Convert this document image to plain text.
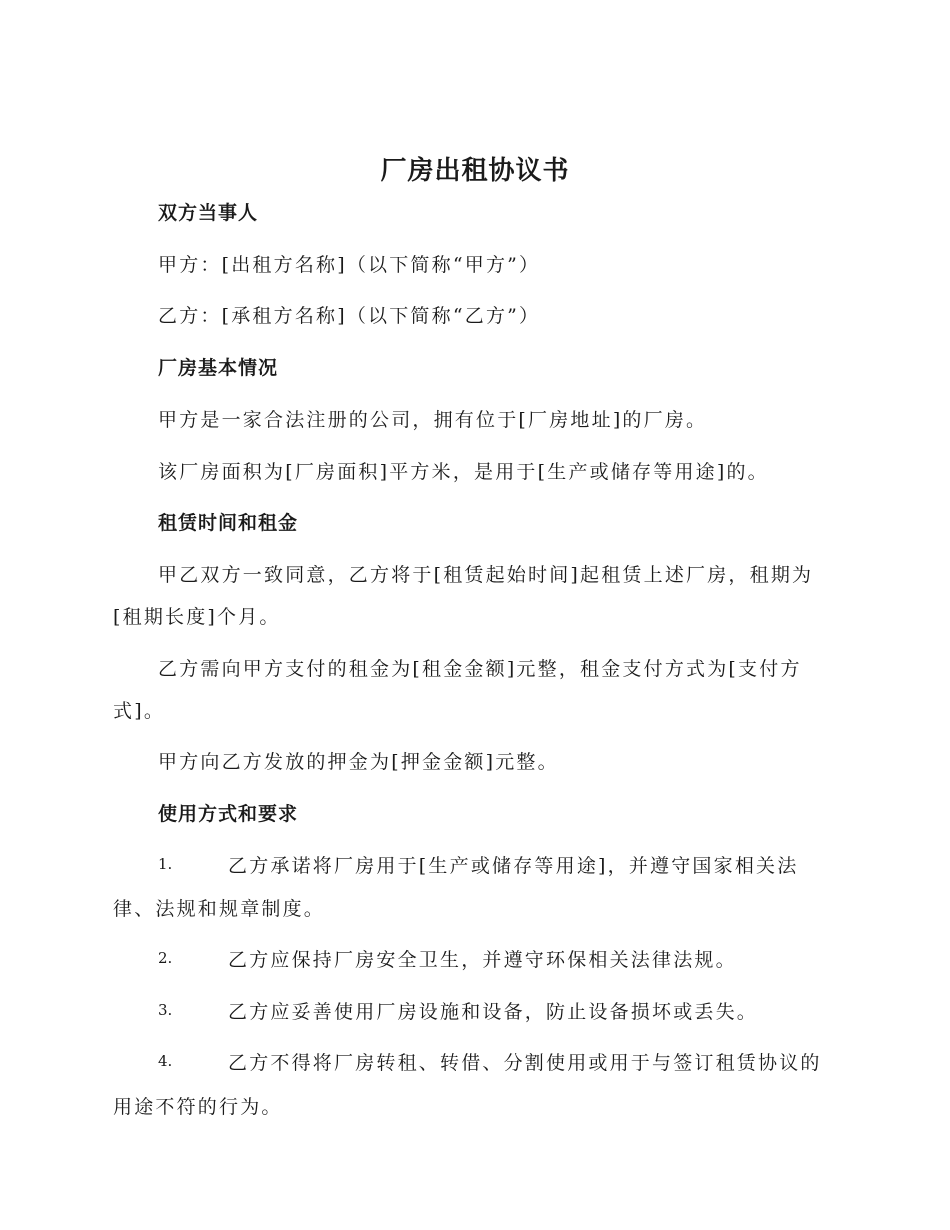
厂房出租协议书
双方当事人
甲方：[出租方名称]（以下简称“甲方”）
乙方：[承租方名称]（以下简称“乙方”）
厂房基本情况
甲方是一家合法注册的公司，拥有位于[厂房地址]的厂房。
该厂房面积为[厂房面积]平方米，是用于[生产或储存等用途]的。
租赁时间和租金
甲乙双方一致同意，乙方将于[租赁起始时间]起租赁上述厂房，租期为
[租期长度]个月。
乙方需向甲方支付的租金为[租金金额]元整，租金支付方式为[支付方
式]。
甲方向乙方发放的押金为[押金金额]元整。
使用方式和要求
1.	乙方承诺将厂房用于[生产或储存等用途]，并遵守国家相关法
律、法规和规章制度。
2.	乙方应保持厂房安全卫生，并遵守环保相关法律法规。
3.	乙方应妥善使用厂房设施和设备，防止设备损坏或丢失。
4.	乙方不得将厂房转租、转借、分割使用或用于与签订租赁协议的
用途不符的行为。
